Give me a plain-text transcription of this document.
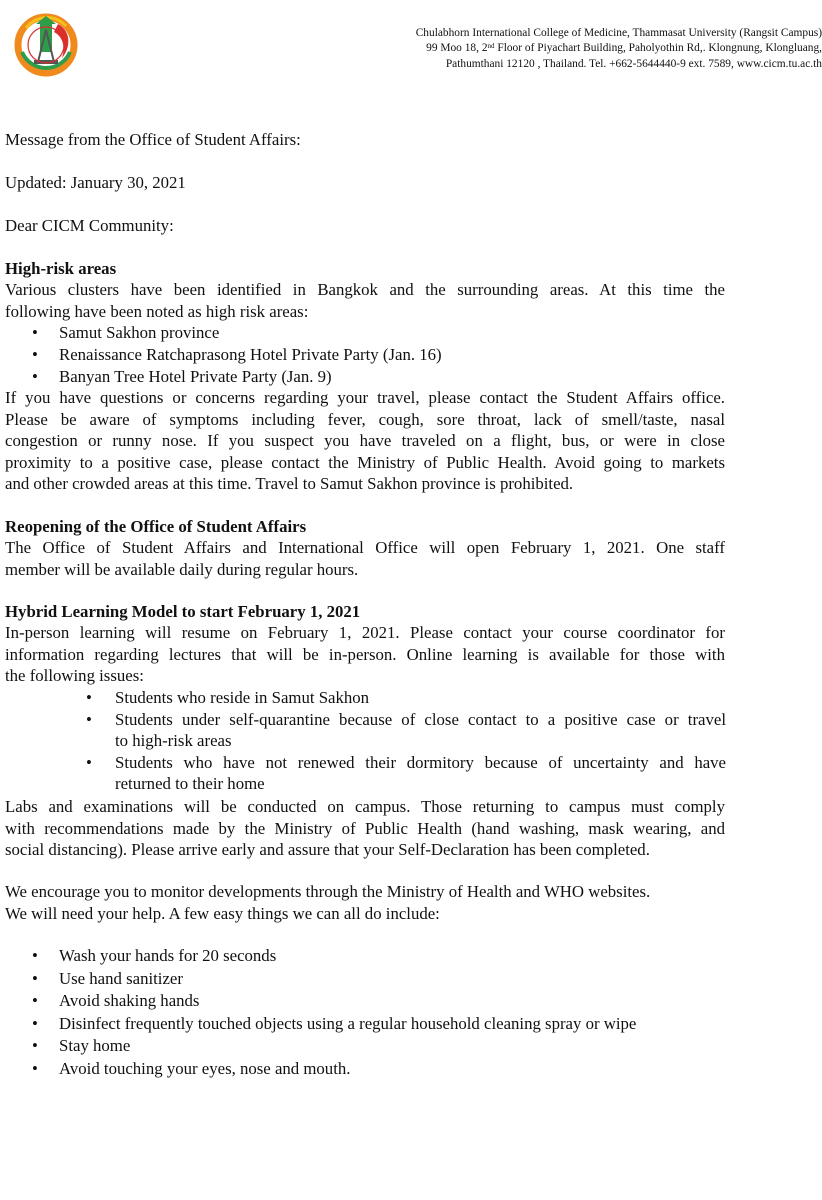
Chulabhorn International College of Medicine, Thammasat University (Rangsit Campus)
99 Moo 18, 2nd Floor of Piyachart Building, Paholyothin Rd,. Klongnung, Klongluang,
Pathumthani 12120 , Thailand. Tel. +662-5644440-9 ext. 7589, www.cicm.tu.ac.th
Message from the Office of Student Affairs:
Updated: January 30, 2021
Dear CICM Community:
High-risk areas
Various clusters have been identified in Bangkok and the surrounding areas. At this time the
following have been noted as high risk areas:
• Samut Sakhon province
• Renaissance Ratchaprasong Hotel Private Party (Jan. 16)
• Banyan Tree Hotel Private Party (Jan. 9)
If you have questions or concerns regarding your travel, please contact the Student Affairs office.
Please be aware of symptoms including fever, cough, sore throat, lack of smell/taste, nasal
congestion or runny nose. If you suspect you have traveled on a flight, bus, or were in close
proximity to a positive case, please contact the Ministry of Public Health. Avoid going to markets
and other crowded areas at this time. Travel to Samut Sakhon province is prohibited.
Reopening of the Office of Student Affairs
The Office of Student Affairs and International Office will open February 1, 2021. One staff
member will be available daily during regular hours.
Hybrid Learning Model to start February 1, 2021
In-person learning will resume on February 1, 2021. Please contact your course coordinator for
information regarding lectures that will be in-person. Online learning is available for those with
the following issues:
• Students who reside in Samut Sakhon
• Students under self-quarantine because of close contact to a positive case or travel
to high-risk areas
• Students who have not renewed their dormitory because of uncertainty and have
returned to their home
Labs and examinations will be conducted on campus. Those returning to campus must comply
with recommendations made by the Ministry of Public Health (hand washing, mask wearing, and
social distancing). Please arrive early and assure that your Self-Declaration has been completed.
We encourage you to monitor developments through the Ministry of Health and WHO websites.
We will need your help. A few easy things we can all do include:
• Wash your hands for 20 seconds
• Use hand sanitizer
• Avoid shaking hands
• Disinfect frequently touched objects using a regular household cleaning spray or wipe
• Stay home
• Avoid touching your eyes, nose and mouth.
